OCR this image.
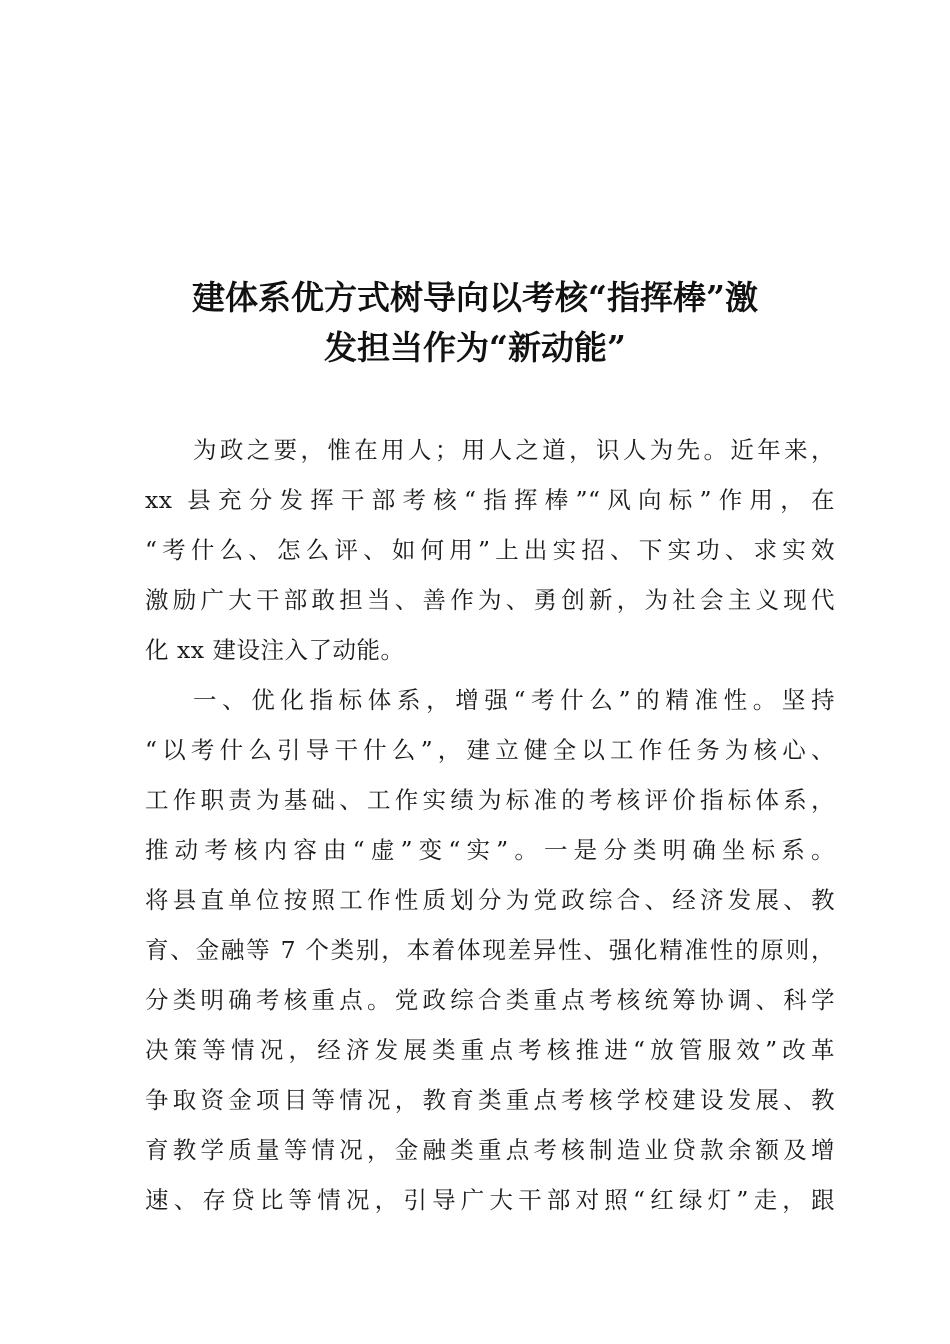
建体系优方式树导向以考核“指挥棒”激
发担当作为“新动能”
为政之要，惟在用人；用人之道，识人为先。近年来，
xx 县充分发挥干部考核“指挥棒”“风向标”作用，在
“考什么、怎么评、如何用”上出实招、下实功、求实效
激励广大干部敢担当、善作为、勇创新，为社会主义现代
化 xx 建设注入了动能。
一、优化指标体系，增强“考什么”的精准性。坚持
“以考什么引导干什么”，建立健全以工作任务为核心、
工作职责为基础、工作实绩为标准的考核评价指标体系，
推动考核内容由“虚”变“实”。一是分类明确坐标系。
将县直单位按照工作性质划分为党政综合、经济发展、教
育、金融等 7 个类别，本着体现差异性、强化精准性的原则，
分类明确考核重点。党政综合类重点考核统筹协调、科学
决策等情况，经济发展类重点考核推进“放管服效”改革
争取资金项目等情况，教育类重点考核学校建设发展、教
育教学质量等情况，金融类重点考核制造业贷款余额及增
速、存贷比等情况，引导广大干部对照“红绿灯”走，跟
